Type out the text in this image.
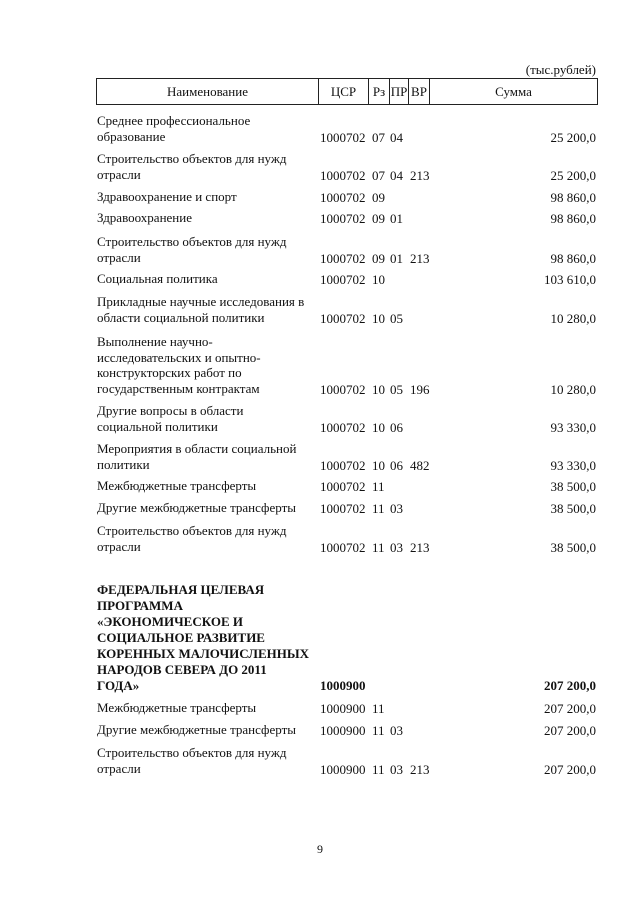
(тыс.рублей)
Наименование	ЦСР	Рз ПР ВР	Сумма
Среднее профессиональное образование	1000702 07 04	25 200,0
Строительство объектов для нужд отрасли	1000702 07 04 213	25 200,0
Здравоохранение и спорт	1000702 09	98 860,0
Здравоохранение	1000702 09 01	98 860,0
Строительство объектов для нужд отрасли	1000702 09 01 213	98 860,0
Социальная политика	1000702 10	103 610,0
Прикладные научные исследования в области социальной политики	1000702 10 05	10 280,0
Выполнение научно-исследовательских и опытно-конструкторских работ по государственным контрактам	1000702 10 05 196	10 280,0
Другие вопросы в области социальной политики	1000702 10 06	93 330,0
Мероприятия в области социальной политики	1000702 10 06 482	93 330,0
Межбюджетные трансферты	1000702 11	38 500,0
Другие межбюджетные трансферты	1000702 11 03	38 500,0
Строительство объектов для нужд отрасли	1000702 11 03 213	38 500,0
ФЕДЕРАЛЬНАЯ ЦЕЛЕВАЯ ПРОГРАММА «ЭКОНОМИЧЕСКОЕ И СОЦИАЛЬНОЕ РАЗВИТИЕ КОРЕННЫХ МАЛОЧИСЛЕННЫХ НАРОДОВ СЕВЕРА ДО 2011 ГОДА»	1000900	207 200,0
Межбюджетные трансферты	1000900 11	207 200,0
Другие межбюджетные трансферты	1000900 11 03	207 200,0
Строительство объектов для нужд отрасли	1000900 11 03 213	207 200,0
9
